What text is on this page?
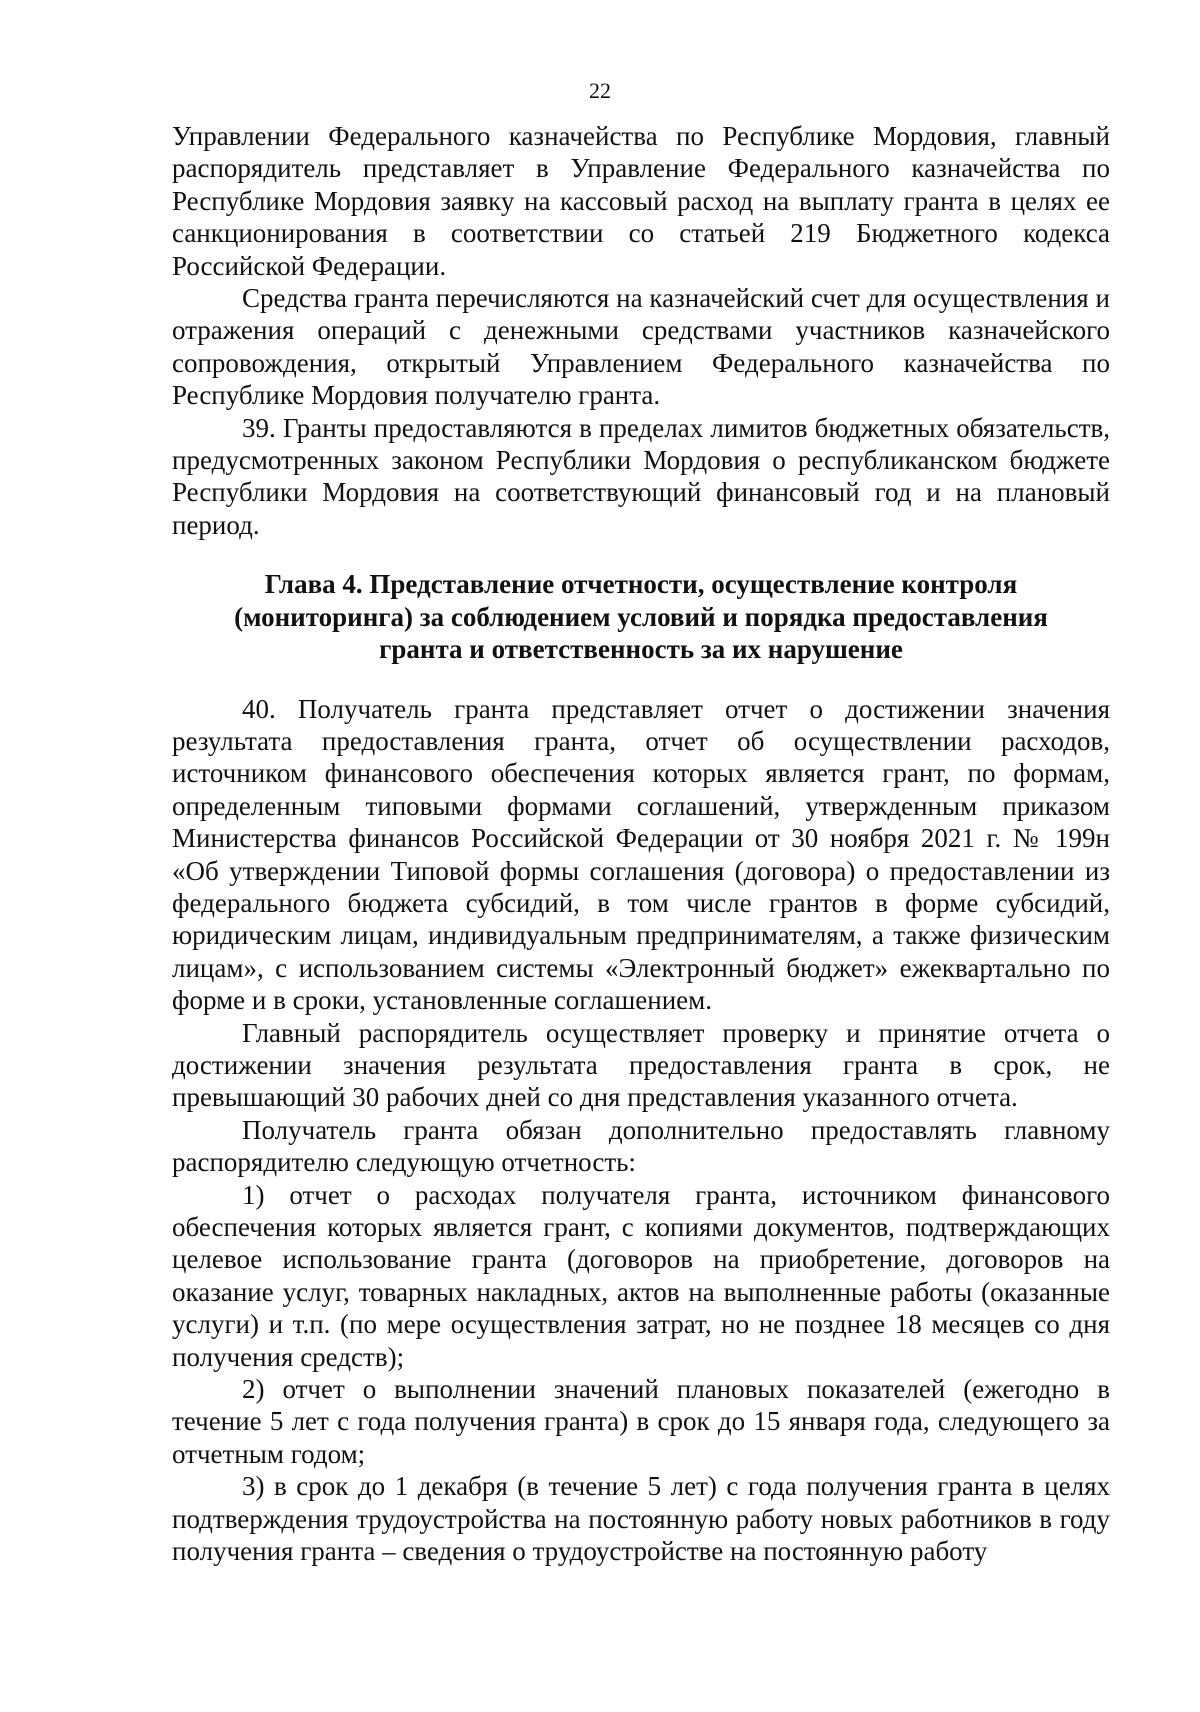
22

Управлении Федерального казначейства по Республике Мордовия, главный распорядитель представляет в Управление Федерального казначейства по Республике Мордовия заявку на кассовый расход на выплату гранта в целях ее санкционирования в соответствии со статьей 219 Бюджетного кодекса Российской Федерации.

Средства гранта перечисляются на казначейский счет для осуществления и отражения операций с денежными средствами участников казначейского сопровождения, открытый Управлением Федерального казначейства по Республике Мордовия получателю гранта.

39. Гранты предоставляются в пределах лимитов бюджетных обязательств, предусмотренных законом Республики Мордовия о республиканском бюджете Республики Мордовия на соответствующий финансовый год и на плановый период.

Глава 4. Представление отчетности, осуществление контроля
(мониторинга) за соблюдением условий и порядка предоставления
гранта и ответственность за их нарушение

40. Получатель гранта представляет отчет о достижении значения результата предоставления гранта, отчет об осуществлении расходов, источником финансового обеспечения которых является грант, по формам, определенным типовыми формами соглашений, утвержденным приказом Министерства финансов Российской Федерации от 30 ноября 2021 г. № 199н «Об утверждении Типовой формы соглашения (договора) о предоставлении из федерального бюджета субсидий, в том числе грантов в форме субсидий, юридическим лицам, индивидуальным предпринимателям, а также физическим лицам», с использованием системы «Электронный бюджет» ежеквартально по форме и в сроки, установленные соглашением.

Главный распорядитель осуществляет проверку и принятие отчета о достижении значения результата предоставления гранта в срок, не превышающий 30 рабочих дней со дня представления указанного отчета.

Получатель гранта обязан дополнительно предоставлять главному распорядителю следующую отчетность:

1) отчет о расходах получателя гранта, источником финансового обеспечения которых является грант, с копиями документов, подтверждающих целевое использование гранта (договоров на приобретение, договоров на оказание услуг, товарных накладных, актов на выполненные работы (оказанные услуги) и т.п. (по мере осуществления затрат, но не позднее 18 месяцев со дня получения средств);

2) отчет о выполнении значений плановых показателей (ежегодно в течение 5 лет с года получения гранта) в срок до 15 января года, следующего за отчетным годом;

3) в срок до 1 декабря (в течение 5 лет) с года получения гранта в целях подтверждения трудоустройства на постоянную работу новых работников в году получения гранта – сведения о трудоустройстве на постоянную работу
